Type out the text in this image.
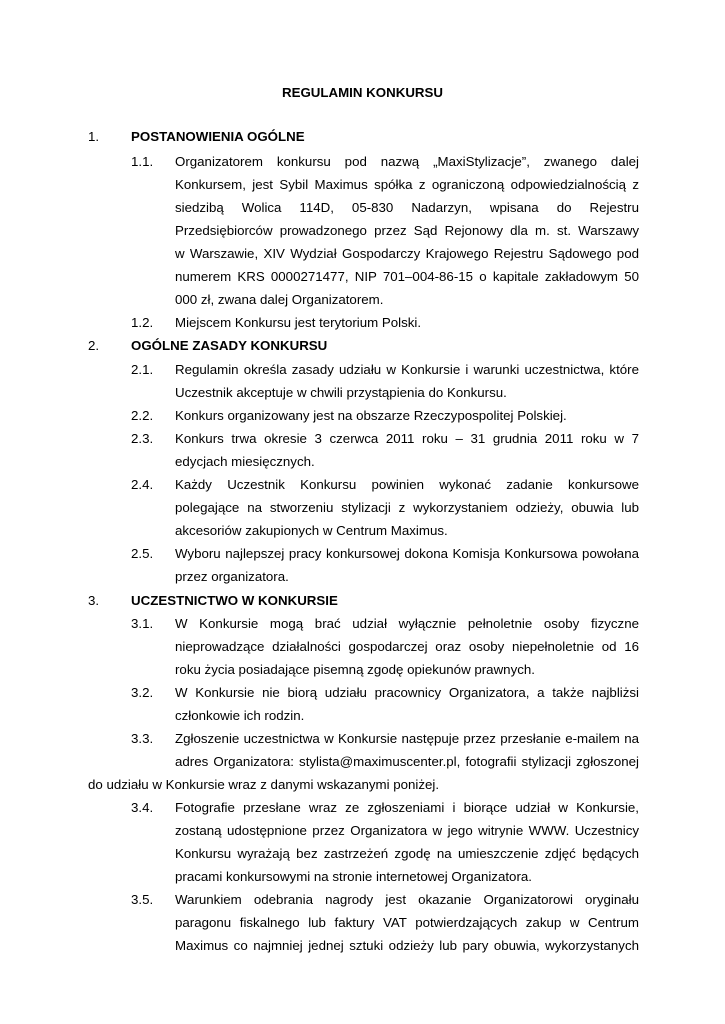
REGULAMIN KONKURSU
1. POSTANOWIENIA OGÓLNE
1.1. Organizatorem konkursu pod nazwą „MaxiStylizacje”, zwanego dalej
Konkursem, jest Sybil Maximus spółka z ograniczoną odpowiedzialnością z
siedzibą Wolica 114D, 05-830 Nadarzyn, wpisana do Rejestru
Przedsiębiorców prowadzonego przez Sąd Rejonowy dla m. st. Warszawy
w Warszawie, XIV Wydział Gospodarczy Krajowego Rejestru Sądowego pod
numerem KRS 0000271477, NIP 701–004-86-15 o kapitale zakładowym 50
000 zł, zwana dalej Organizatorem.
1.2. Miejscem Konkursu jest terytorium Polski.
2. OGÓLNE ZASADY KONKURSU
2.1. Regulamin określa zasady udziału w Konkursie i warunki uczestnictwa, które
Uczestnik akceptuje w chwili przystąpienia do Konkursu.
2.2. Konkurs organizowany jest na obszarze Rzeczypospolitej Polskiej.
2.3. Konkurs trwa okresie 3 czerwca 2011 roku – 31 grudnia 2011 roku w 7
edycjach miesięcznych.
2.4. Każdy Uczestnik Konkursu powinien wykonać zadanie konkursowe
polegające na stworzeniu stylizacji z wykorzystaniem odzieży, obuwia lub
akcesoriów zakupionych w Centrum Maximus.
2.5. Wyboru najlepszej pracy konkursowej dokona Komisja Konkursowa powołana
przez organizatora.
3. UCZESTNICTWO W KONKURSIE
3.1. W Konkursie mogą brać udział wyłącznie pełnoletnie osoby fizyczne
nieprowadzące działalności gospodarczej oraz osoby niepełnoletnie od 16
roku życia posiadające pisemną zgodę opiekunów prawnych.
3.2. W Konkursie nie biorą udziału pracownicy Organizatora, a także najbliżsi
członkowie ich rodzin.
3.3. Zgłoszenie uczestnictwa w Konkursie następuje przez przesłanie e-mailem na
adres Organizatora: stylista@maximuscenter.pl, fotografii stylizacji zgłoszonej
do udziału w Konkursie wraz z danymi wskazanymi poniżej.
3.4. Fotografie przesłane wraz ze zgłoszeniami i biorące udział w Konkursie,
zostaną udostępnione przez Organizatora w jego witrynie WWW. Uczestnicy
Konkursu wyrażają bez zastrzeżeń zgodę na umieszczenie zdjęć będących
pracami konkursowymi na stronie internetowej Organizatora.
3.5. Warunkiem odebrania nagrody jest okazanie Organizatorowi oryginału
paragonu fiskalnego lub faktury VAT potwierdzających zakup w Centrum
Maximus co najmniej jednej sztuki odzieży lub pary obuwia, wykorzystanych
